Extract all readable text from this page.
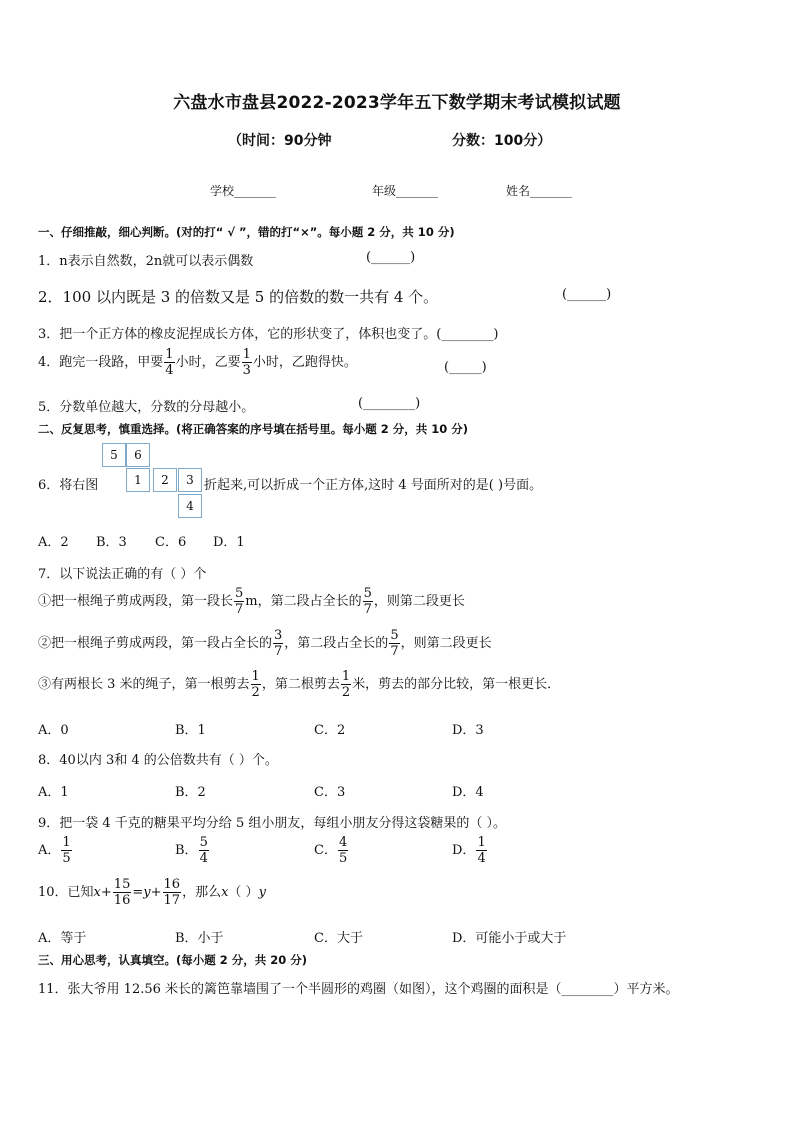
六盘水市盘县2022-2023学年五下数学期末考试模拟试题
（时间：90分钟	分数：100分）
学校_______	年级_______	姓名_______
一、仔细推敲，细心判断。(对的打“ √ ”，错的打“×”。每小题 2 分，共 10 分)
1．n表示自然数，2n就可以表示偶数	(______)
2．100 以内既是 3 的倍数又是 5 的倍数的数一共有 4 个。	(______)
3．把一个正方体的橡皮泥捏成长方体，它的形状变了，体积也变了。(________)
4．跑完一段路，甲要 $\frac{1}{4}$ 小时，乙要 $\frac{1}{3}$ 小时，乙跑得快。	(_____)
5．分数单位越大，分数的分母越小。	(________)
二、反复思考，慎重选择。(将正确答案的序号填在括号里。每小题 2 分，共 10 分)
5	6
1	2	3
4
6．将右图	折起来,可以折成一个正方体,这时 4 号面所对的是( )号面。
A．2 B．3 C．6 D．1
7．以下说法正确的有（ ）个
①把一根绳子剪成两段，第一段长 $\frac{5}{7}$ m，第二段占全长的 $\frac{5}{7}$ ，则第二段更长
②把一根绳子剪成两段，第一段占全长的 $\frac{3}{7}$ ，第二段占全长的 $\frac{5}{7}$ ，则第二段更长
③有两根长 3 米的绳子，第一根剪去 $\frac{1}{2}$ ，第二根剪去 $\frac{1}{2}$ 米，剪去的部分比较，第一根更长．
A．0	B．1	C．2	D．3
8．40以内 3和 4 的公倍数共有（ ）个。
A．1	B．2	C．3	D．4
9．把一袋 4 千克的糖果平均分给 5 组小朋友，每组小朋友分得这袋糖果的（ ）。
A． $\frac{1}{5}$	B． $\frac{5}{4}$	C． $\frac{4}{5}$	D． $\frac{1}{4}$
10．已知$x+ \frac{15}{16} =y+ \frac{16}{17}$ ，那么x（ ）y
A．等于	B．小于	C．大于	D．可能小于或大于
三、用心思考，认真填空。(每小题 2 分，共 20 分)
11．张大爷用 12.56 米长的篱笆靠墙围了一个半圆形的鸡圈（如图），这个鸡圈的面积是（________）平方米。
